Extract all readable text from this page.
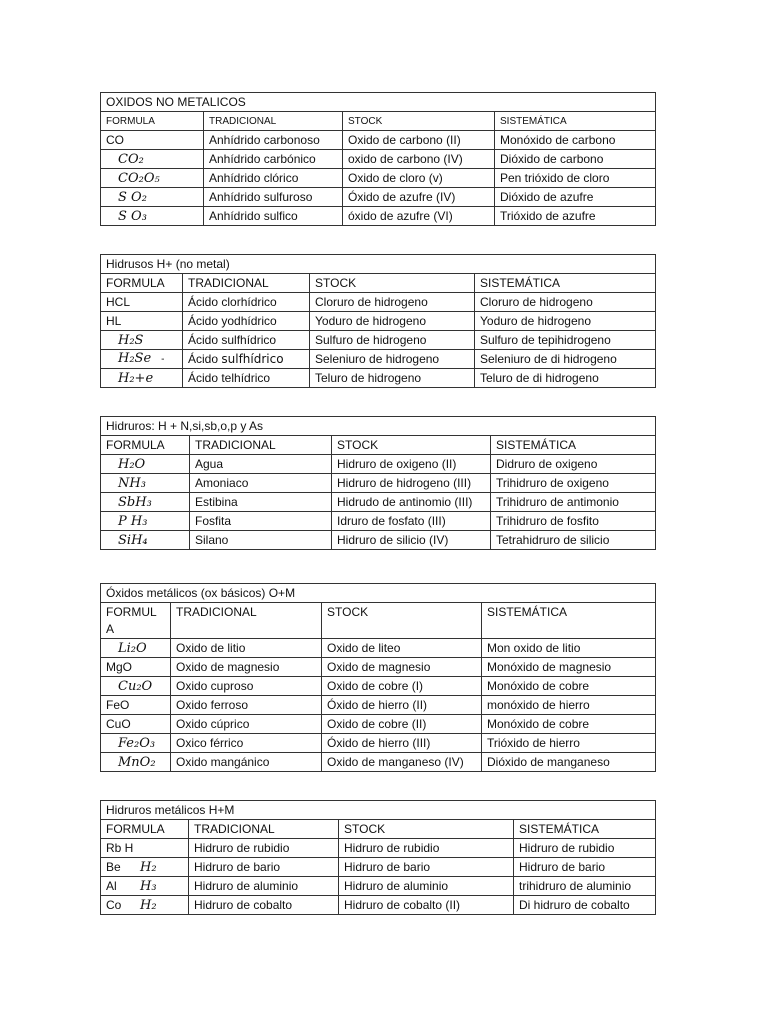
OXIDOS NO METALICOS			
FORMULA	TRADICIONAL	STOCK	SISTEMÁTICA
CO	Anhídrido carbonoso	Oxido de carbono (II)	Monóxido de carbono
CO₂	Anhídrido carbónico	oxido de carbono (IV)	Dióxido de carbono
CO₂O₅	Anhídrido clórico	Oxido de cloro (v)	Pen trióxido de cloro
S O₂	Anhídrido sulfuroso	Óxido de azufre (IV)	Dióxido de azufre
S O₃	Anhídrido sulfico	óxido de azufre (VI)	Trióxido de azufre
Hidrusos H+ (no metal)			
FORMULA	TRADICIONAL	STOCK	SISTEMÁTICA
HCL	Ácido clorhídrico	Cloruro de hidrogeno	Cloruro de hidrogeno
HL	Ácido yodhídrico	Yoduro de hidrogeno	Yoduro de hidrogeno
H₂S	Ácido sulfhídrico	Sulfuro de hidrogeno	Sulfuro de tepihidrogeno
H₂Se -	Ácido sulfhídrico	Seleniuro de hidrogeno	Seleniuro de di hidrogeno
H₂+e	Ácido telhídrico	Teluro de hidrogeno	Teluro de di hidrogeno
Hidruros: H + N,si,sb,o,p y As			
FORMULA	TRADICIONAL	STOCK	SISTEMÁTICA
H₂O	Agua	Hidruro de oxigeno (II)	Didruro de oxigeno
NH₃	Amoniaco	Hidruro de hidrogeno (III)	Trihidruro de oxigeno
SbH₃	Estibina	Hidrudo de antinomio (III)	Trihidruro de antimonio
P H₃	Fosfita	Idruro de fosfato (III)	Trihidruro de fosfito
SiH₄	Silano	Hidruro de silicio (IV)	Tetrahidruro de silicio
Óxidos metálicos (ox básicos) O+M			
FORMUL
A	TRADICIONAL	STOCK	SISTEMÁTICA
Li₂O	Oxido de litio	Oxido de liteo	Mon oxido de litio
MgO	Oxido de magnesio	Oxido de magnesio	Monóxido de magnesio
Cu₂O	Oxido cuproso	Oxido de cobre (I)	Monóxido de cobre
FeO	Oxido ferroso	Óxido de hierro (II)	monóxido de hierro
CuO	Oxido cúprico	Oxido de cobre (II)	Monóxido de cobre
Fe₂O₃	Oxico férrico	Óxido de hierro (III)	Trióxido de hierro
MnO₂	Oxido mangánico	Oxido de manganeso (IV)	Dióxido de manganeso
Hidruros metálicos H+M			
FORMULA	TRADICIONAL	STOCK	SISTEMÁTICA
Rb H	Hidruro de rubidio	Hidruro de rubidio	Hidruro de rubidio
Be H₂	Hidruro de bario	Hidruro de bario	Hidruro de bario
Al H₃	Hidruro de aluminio	Hidruro de aluminio	trihidruro de aluminio
Co H₂	Hidruro de cobalto	Hidruro de cobalto (II)	Di hidruro de cobalto
